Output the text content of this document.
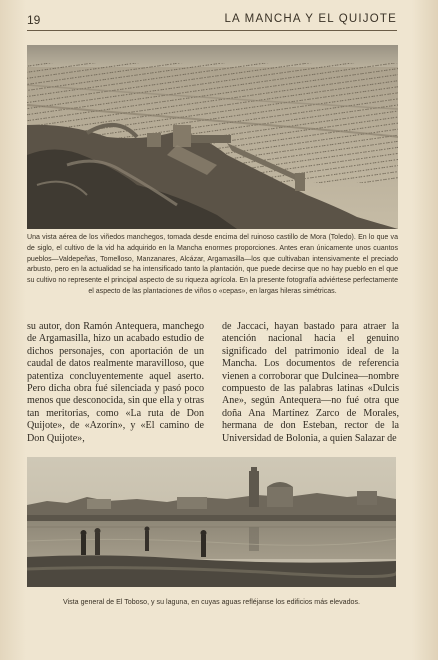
19	LA MANCHA Y EL QUIJOTE
Una vista aérea de los viñedos manchegos, tomada desde encima del ruinoso castillo de Mora (Toledo). En lo que va de siglo, el cultivo de la vid ha adquirido en la Mancha enormes proporciones. Antes eran únicamente unos cuantos pueblos—Valdepeñas, Tomelloso, Manzanares, Alcázar, Argamasilla—los que cultivaban intensivamente el preciado arbusto, pero en la actualidad se ha intensificado tanto la plantación, que puede decirse que no hay pueblo en el que su cultivo no represente el principal aspecto de su riqueza agrícola. En la presente fotografía adviértese perfectamente el aspecto de las plantaciones de viños o «cepas», en largas hileras simétricas.

su autor, don Ramón Antequera, manchego de Argamasilla, hizo un acabado estudio de dichos personajes, con aportación de un caudal de datos realmente maravilloso, que patentiza concluyentemente aquel aserto. Pero dicha obra fué silenciada y pasó poco menos que desconocida, sin que ella y otras tan meritorias, como «La ruta de Don Quijote», de «Azorín», y «El camino de Don Quijote»,

de Jaccaci, hayan bastado para atraer la atención nacional hacia el genuino significado del patrimonio ideal de la Mancha. Los documentos de referencia vienen a corroborar que Dulcinea—nombre compuesto de las palabras latinas «Dulcis Ane», según Antequera—no fué otra que doña Ana Martínez Zarco de Morales, hermana de don Esteban, rector de la Universidad de Bolonia, a quien Salazar de

Vista general de El Toboso, y su laguna, en cuyas aguas refléjanse los edificios más elevados.
